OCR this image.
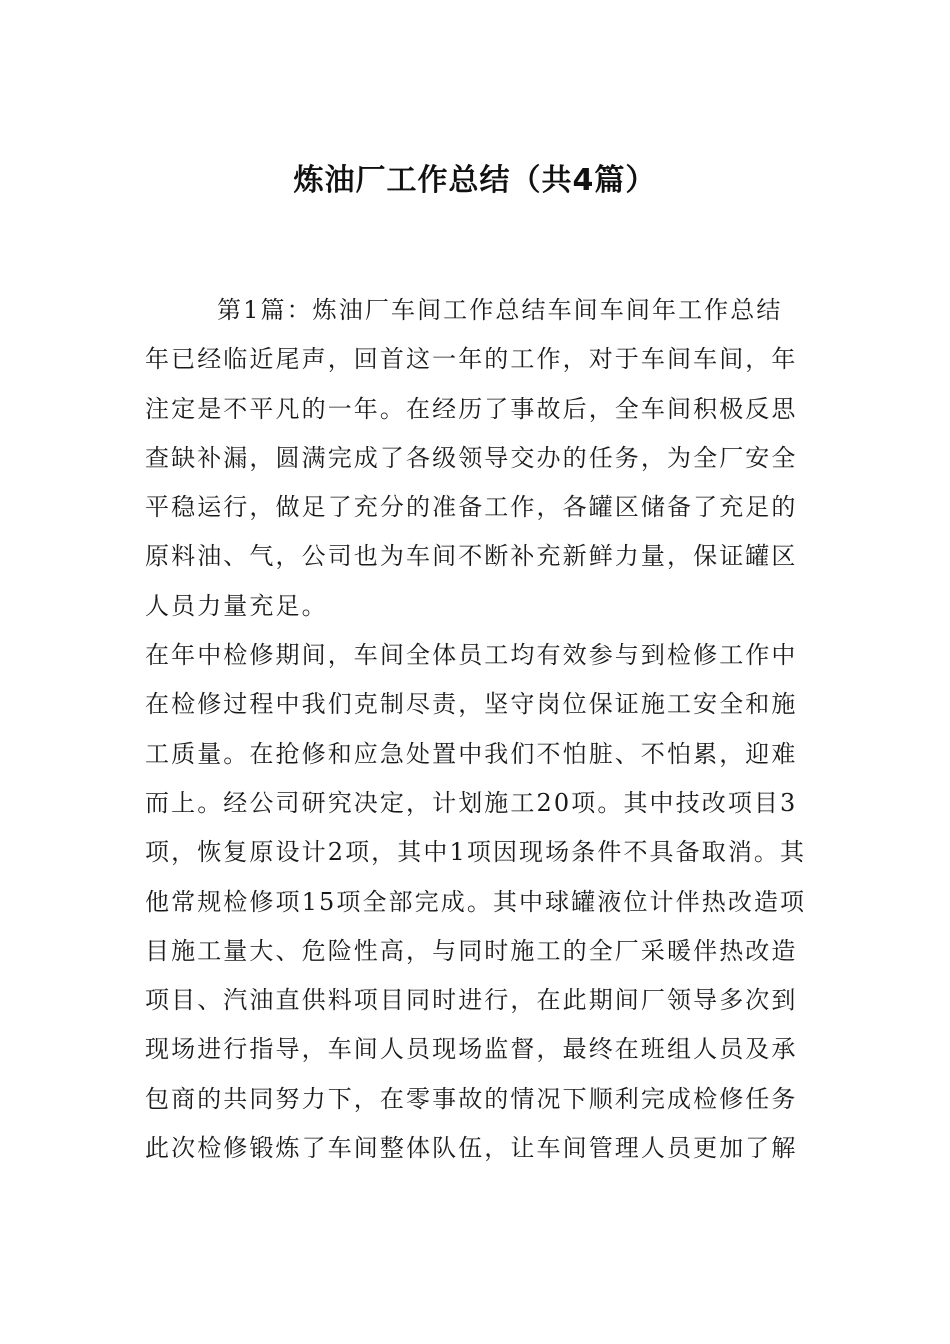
炼油厂工作总结（共4篇）
第1篇：炼油厂车间工作总结车间车间年工作总结
年已经临近尾声，回首这一年的工作，对于车间车间，年
注定是不平凡的一年。在经历了事故后，全车间积极反思
查缺补漏，圆满完成了各级领导交办的任务，为全厂安全
平稳运行，做足了充分的准备工作，各罐区储备了充足的
原料油、气，公司也为车间不断补充新鲜力量，保证罐区
人员力量充足。
在年中检修期间，车间全体员工均有效参与到检修工作中
在检修过程中我们克制尽责，坚守岗位保证施工安全和施
工质量。在抢修和应急处置中我们不怕脏、不怕累，迎难
而上。经公司研究决定，计划施工20项。其中技改项目3
项，恢复原设计2项，其中1项因现场条件不具备取消。其
他常规检修项15项全部完成。其中球罐液位计伴热改造项
目施工量大、危险性高，与同时施工的全厂采暖伴热改造
项目、汽油直供料项目同时进行，在此期间厂领导多次到
现场进行指导，车间人员现场监督，最终在班组人员及承
包商的共同努力下，在零事故的情况下顺利完成检修任务
此次检修锻炼了车间整体队伍，让车间管理人员更加了解
